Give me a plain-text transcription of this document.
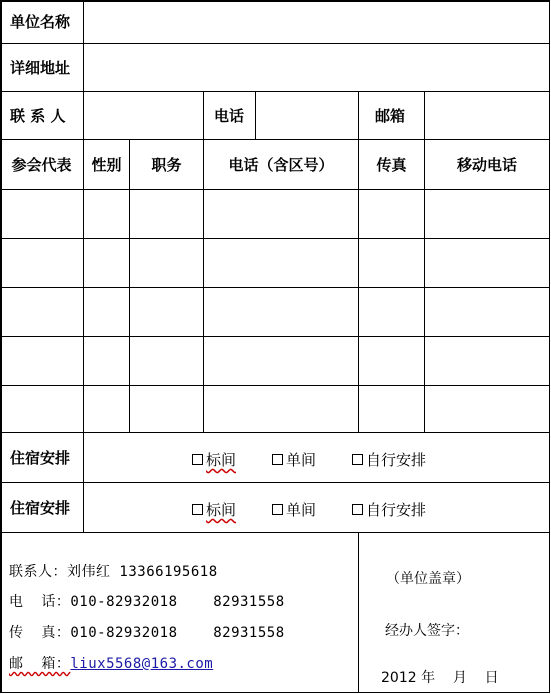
单位名称
详细地址
联 系 人	电话	邮箱
参会代表	性别	职务	电话（含区号）	传真	移动电话
住宿安排	标间	单间	自行安排
住宿安排	标间	单间	自行安排
联系人：刘伟红 13366195618
电  话：010-82932018    82931558
传  真：010-82932018    82931558
邮  箱：liux5568@163.com
（单位盖章）
经办人签字：
2012 年    月    日
